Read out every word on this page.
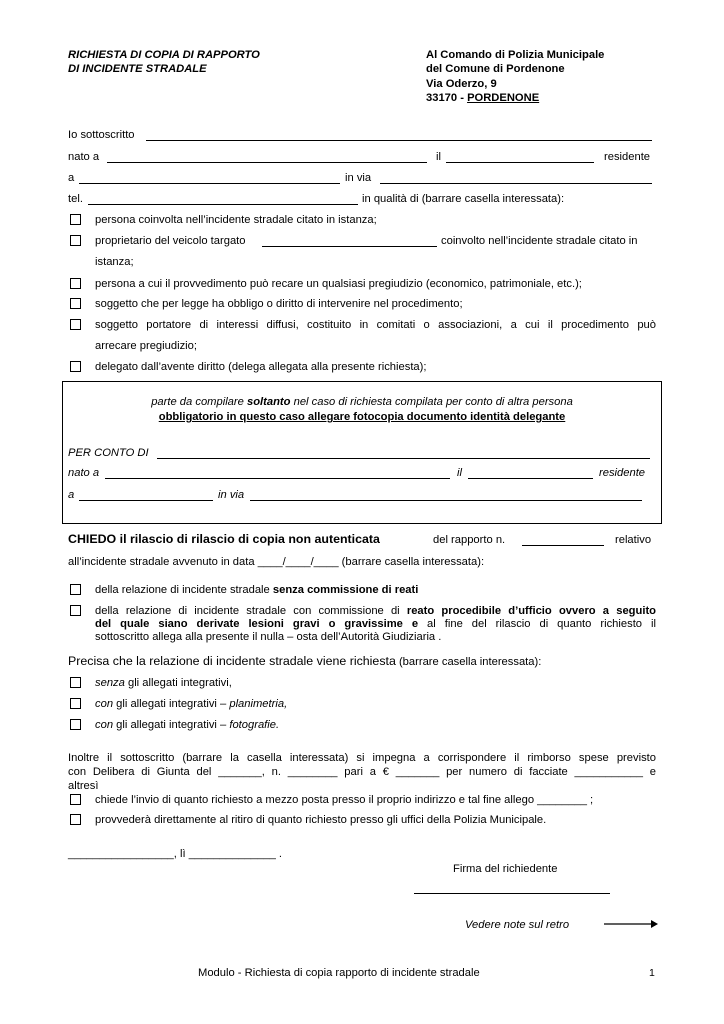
RICHIESTA DI COPIA DI RAPPORTO
DI INCIDENTE STRADALE
Al Comando di Polizia Municipale
del Comune di Pordenone
Via Oderzo, 9
33170 - PORDENONE
Io sottoscritto
nato a	il	residente
a	in via
tel.	in qualità di (barrare casella interessata):
persona coinvolta nell’incidente stradale citato in istanza;
proprietario del veicolo targato	coinvolto nell’incidente stradale citato in
istanza;
persona a cui il provvedimento può recare un qualsiasi pregiudizio (economico, patrimoniale, etc.);
soggetto che per legge ha obbligo o diritto di intervenire nel procedimento;
soggetto portatore di interessi diffusi, costituito in comitati o associazioni, a cui il procedimento può
arrecare pregiudizio;
delegato dall’avente diritto (delega allegata alla presente richiesta);
parte da compilare soltanto nel caso di richiesta compilata per conto di altra persona
obbligatorio in questo caso allegare fotocopia documento identità delegante
PER CONTO DI
nato a	il	residente
a	in via
CHIEDO il rilascio di rilascio di copia non autenticata	del rapporto n.	relativo
all’incidente stradale avvenuto in data ____/____/____ (barrare casella interessata):
della relazione di incidente stradale senza commissione di reati
della relazione di incidente stradale con commissione di reato procedibile d’ufficio ovvero a seguito
del quale siano derivate lesioni gravi o gravissime e al fine del rilascio di quanto richiesto il
sottoscritto allega alla presente il nulla – osta dell’Autorità Giudiziaria .
Precisa che la relazione di incidente stradale viene richiesta (barrare casella interessata):
senza gli allegati integrativi,
con gli allegati integrativi – planimetria,
con gli allegati integrativi – fotografie.
Inoltre il sottoscritto (barrare la casella interessata) si impegna a corrispondere il rimborso spese previsto
con Delibera di Giunta del _______, n. ________ pari a € _______ per numero di facciate ___________ e
altresì
chiede l’invio di quanto richiesto a mezzo posta presso il proprio indirizzo e tal fine allego ________ ;
provvederà direttamente al ritiro di quanto richiesto presso gli uffici della Polizia Municipale.
_________________, lì ______________ .
Firma del richiedente
Vedere note sul retro
Modulo - Richiesta di copia rapporto di incidente stradale	1
